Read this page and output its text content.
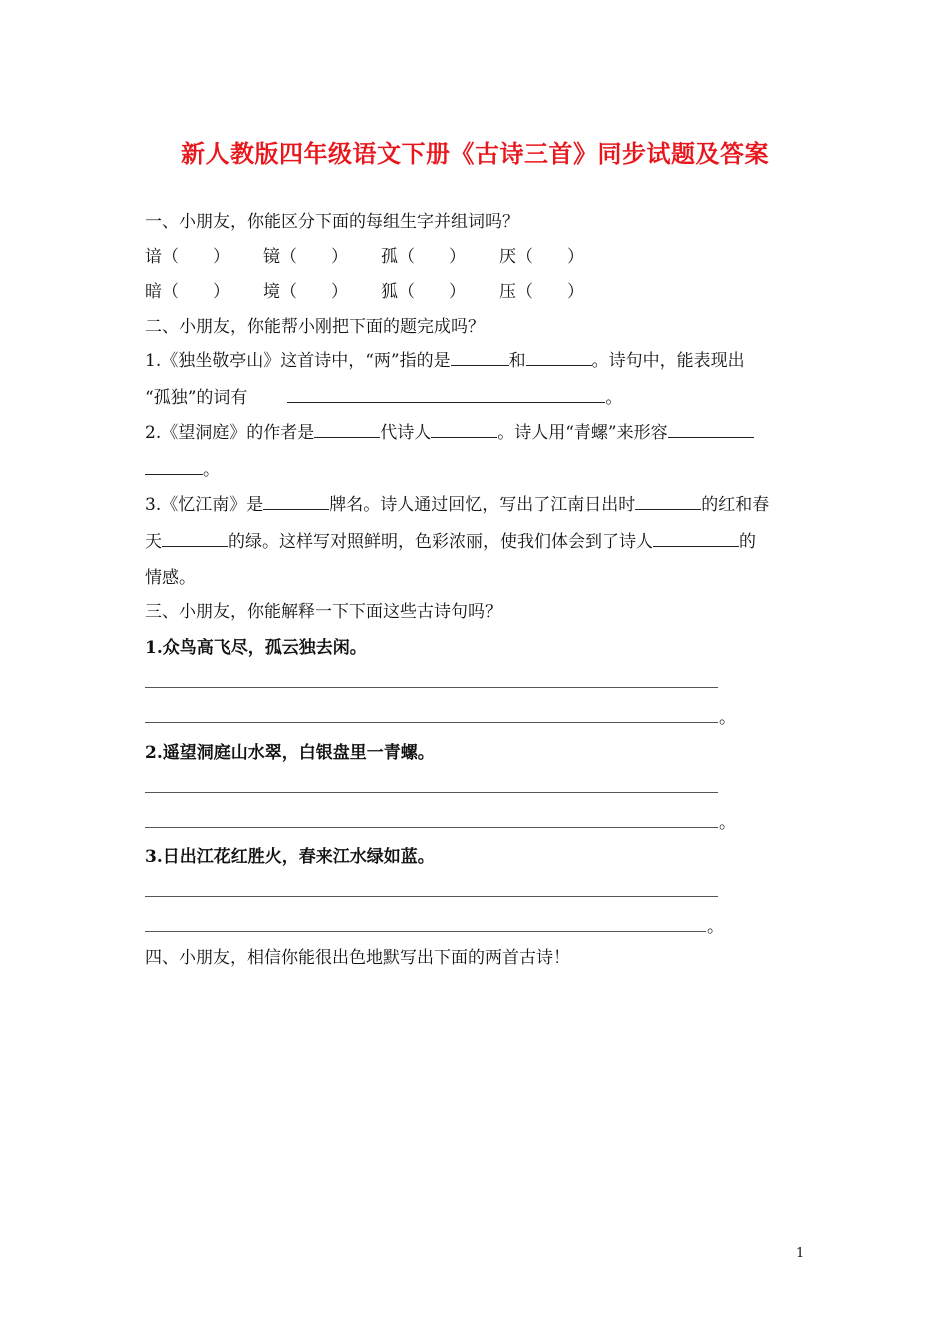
新人教版四年级语文下册《古诗三首》同步试题及答案
一、小朋友，你能区分下面的每组生字并组词吗？
谙（　　） 镜（　　） 孤（　　） 厌（　　）
暗（　　） 境（　　） 狐（　　） 压（　　）
二、小朋友，你能帮小刚把下面的题完成吗？
1.《独坐敬亭山》这首诗中，“两”指的是	和	。诗句中，能表现出
“孤独”的词有	。
2.《望洞庭》的作者是	代诗人	。诗人用“青螺”来形容
。
3.《忆江南》是	牌名。诗人通过回忆，写出了江南日出时	的红和春
天	的绿。这样写对照鲜明，色彩浓丽，使我们体会到了诗人	的
情感。
三、小朋友，你能解释一下下面这些古诗句吗？
1.众鸟高飞尽，孤云独去闲。
。
2.遥望洞庭山水翠，白银盘里一青螺。
。
3.日出江花红胜火，春来江水绿如蓝。
。
四、小朋友，相信你能很出色地默写出下面的两首古诗！
1
